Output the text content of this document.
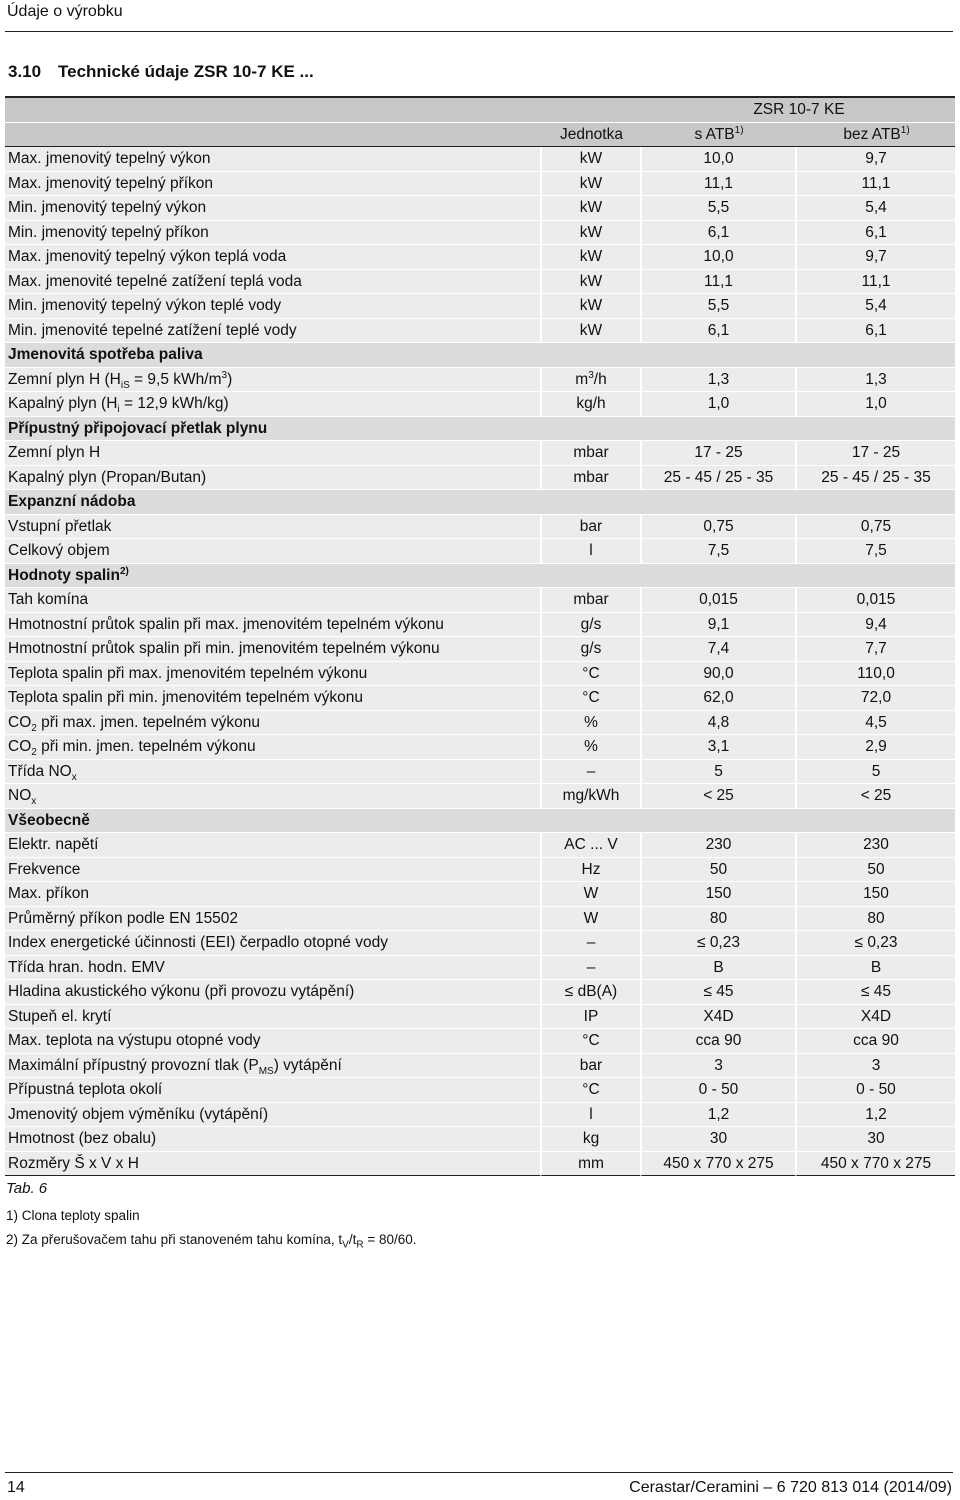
Údaje o výrobku
3.10 Technické údaje ZSR 10-7 KE ...
		ZSR 10-7 KE	
	Jednotka	s ATB$^{1)}$	bez ATB$^{1)}$
Max. jmenovitý tepelný výkon	kW	10,0	9,7
Max. jmenovitý tepelný příkon	kW	11,1	11,1
Min. jmenovitý tepelný výkon	kW	5,5	5,4
Min. jmenovitý tepelný příkon	kW	6,1	6,1
Max. jmenovitý tepelný výkon teplá voda	kW	10,0	9,7
Max. jmenovité tepelné zatížení teplá voda	kW	11,1	11,1
Min. jmenovitý tepelný výkon teplé vody	kW	5,5	5,4
Min. jmenovité tepelné zatížení teplé vody	kW	6,1	6,1
Jmenovitá spotřeba paliva			
Zemní plyn H ($H_{iS} = 9,5$ kWh/$m^3$)	$m^3/h$	1,3	1,3
Kapalný plyn ($H_i = 12,9$ kWh/kg)	kg/h	1,0	1,0
Přípustný připojovací přetlak plynu			
Zemní plyn H	mbar	17 - 25	17 - 25
Kapalný plyn (Propan/Butan)	mbar	25 - 45 / 25 - 35	25 - 45 / 25 - 35
Expanzní nádoba			
Vstupní přetlak	bar	0,75	0,75
Celkový objem	l	7,5	7,5
Hodnoty spalin$^{2)}$
Tah komína	mbar	0,015	0,015
Hmotnostní průtok spalin při max. jmenovitém tepelném výkonu	g/s	9,1	9,4
Hmotnostní průtok spalin při min. jmenovitém tepelném výkonu	g/s	7,4	7,7
Teplota spalin při max. jmenovitém tepelném výkonu	°C	90,0	110,0
Teplota spalin při min. jmenovitém tepelném výkonu	°C	62,0	72,0
$CO_2$ při max. jmen. tepelném výkonu	%	4,8	4,5
$CO_2$ při min. jmen. tepelném výkonu	%	3,1	2,9
Třída $NO_x$	–	5	5
$NO_x$	mg/kWh	< 25	< 25
Všeobecně			
Elektr. napětí	AC ... V	230	230
Frekvence	Hz	50	50
Max. příkon	W	150	150
Průměrný příkon podle EN 15502	W	80	80
Index energetické účinnosti (EEI) čerpadlo otopné vody	–	≤ 0,23	≤ 0,23
Třída hran. hodn. EMV	–	B	B
Hladina akustického výkonu (při provozu vytápění)	≤ dB(A)	≤ 45	≤ 45
Stupeň el. krytí	IP	X4D	X4D
Max. teplota na výstupu otopné vody	°C	cca 90	cca 90
Maximální přípustný provozní tlak $(P_{MS})$ vytápění	bar	3	3
Přípustná teplota okolí	°C	0 - 50	0 - 50
Jmenovitý objem výměníku (vytápění)	l	1,2	1,2
Hmotnost (bez obalu)	kg	30	30
Rozměry Š x V x H	mm	450 x 770 x 275	450 x 770 x 275
Tab. 6
1) Clona teploty spalin
2) Za přerušovačem tahu při stanoveném tahu komína, $t_V/t_R = 80/60$.
14	Cerastar/Ceramini – 6 720 813 014 (2014/09)
